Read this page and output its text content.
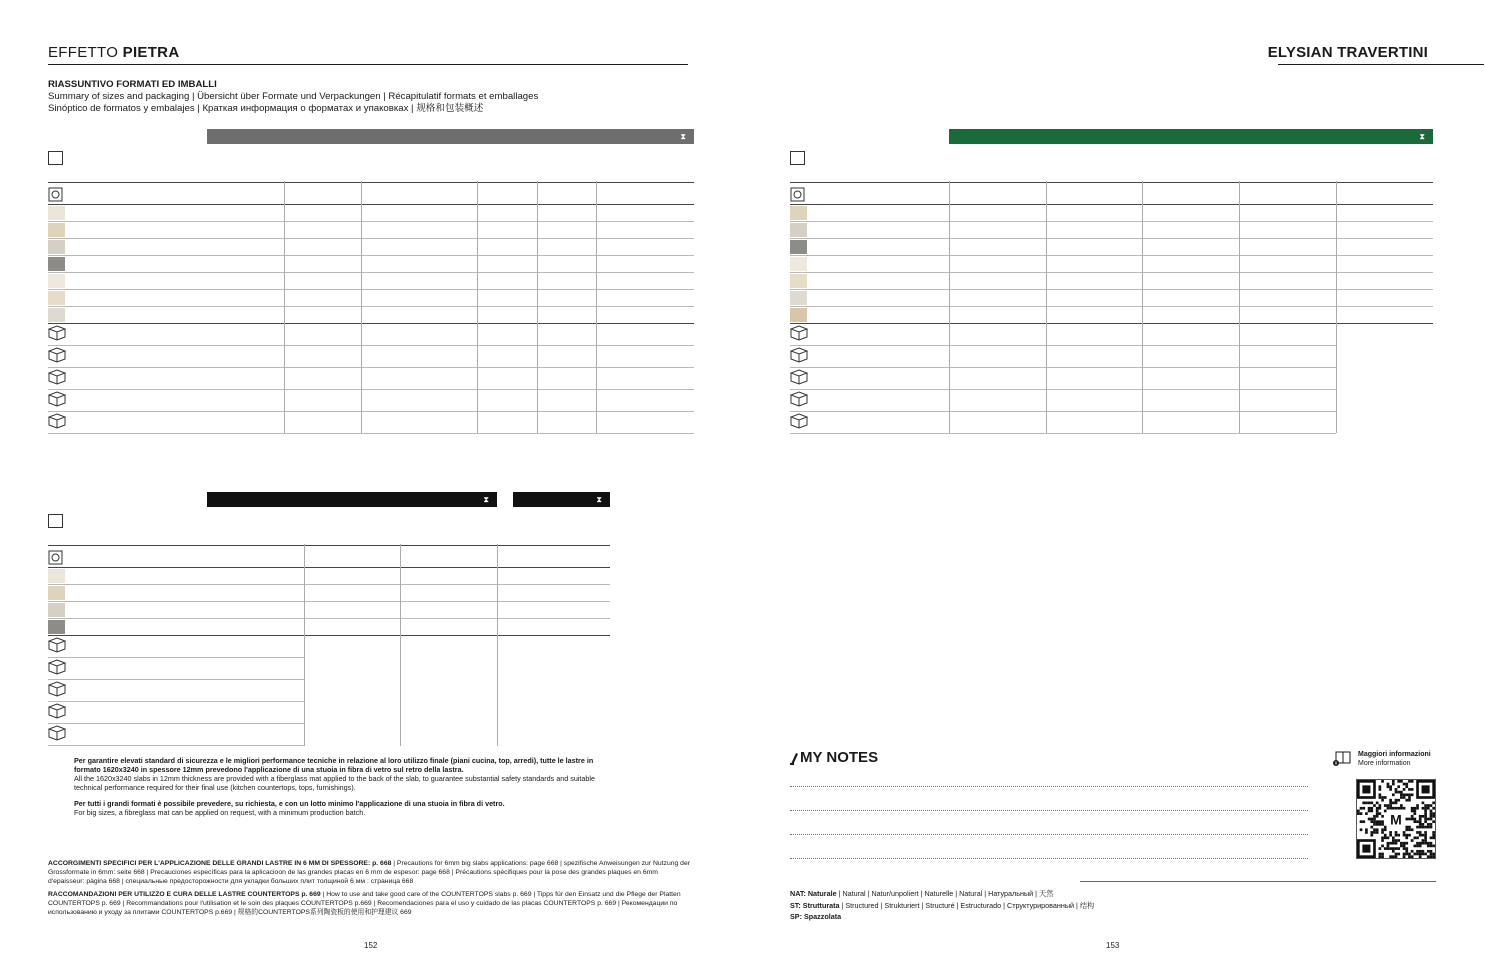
EFFETTO PIETRA	ELYSIAN TRAVERTINI
RIASSUNTIVO FORMATI ED IMBALLI
Summary of sizes and packaging | Übersicht über Formate und Verpackungen | Récapitulatif formats et emballages
Sinóptico de formatos y embalajes | Краткая информация о форматах и упаковках | 规格和包装概述
⧗	⧗
⧗	⧗
Per garantire elevati standard di sicurezza e le migliori performance tecniche in relazione al loro utilizzo finale (piani cucina, top, arredi), tutte le lastre in formato 1620x3240 in spessore 12mm prevedono l'applicazione di una stuoia in fibra di vetro sul retro della lastra.
All the 1620x3240 slabs in 12mm thickness are provided with a fiberglass mat applied to the back of the slab, to guarantee substantial safety standards and suitable technical performance required for their final use (kitchen countertops, tops, furnishings).
Per tutti i grandi formati è possibile prevedere, su richiesta, e con un lotto minimo l'applicazione di una stuoia in fibra di vetro.
For big sizes, a fibreglass mat can be applied on request, with a minimum production batch.
ACCORGIMENTI SPECIFICI PER L'APPLICAZIONE DELLE GRANDI LASTRE IN 6 MM DI SPESSORE: p. 668 | Precautions for 6mm big slabs applications: page 668 | spezifische Anweisungen zur Nutzung der Grossformate in 6mm: seite 668 | Precauciones específicas para la aplicacioon de las grandes placas en 6 mm de espesor: page 668 | Précautions spécifiques pour la pose des grandes plaques en 6mm d'epaisseur: pàgina 668 | специальные предосторожности для укладки больших плит толщиной 6 мм : страница 668
RACCOMANDAZIONI PER UTILIZZO E CURA DELLE LASTRE COUNTERTOPS p. 669 | How to use and take good care of the COUNTERTOPS slabs p. 669 | Tipps für den Einsatz und die Pflege der Platten COUNTERTOPS p. 669 | Recommandations pour l'utilisation et le soin des plaques COUNTERTOPS p.669 | Recomendaciones para el uso y cuidado de las placas COUNTERTOPS p. 669 | Рекомендации по использованию и уходу за плитами COUNTERTOPS p.669 | 规格的COUNTERTOPS系列陶瓷板的使用和护理建议 669
152	153
MY NOTES	Maggiori informazioni
More information
M
NAT: Naturale | Natural | Natur/unpoliert | Naturelle | Natural | Натуральный | 天然
ST: Strutturata | Structured | Strukturiert | Structuré | Estructurado | Структурированный | 结构
SP: Spazzolata
